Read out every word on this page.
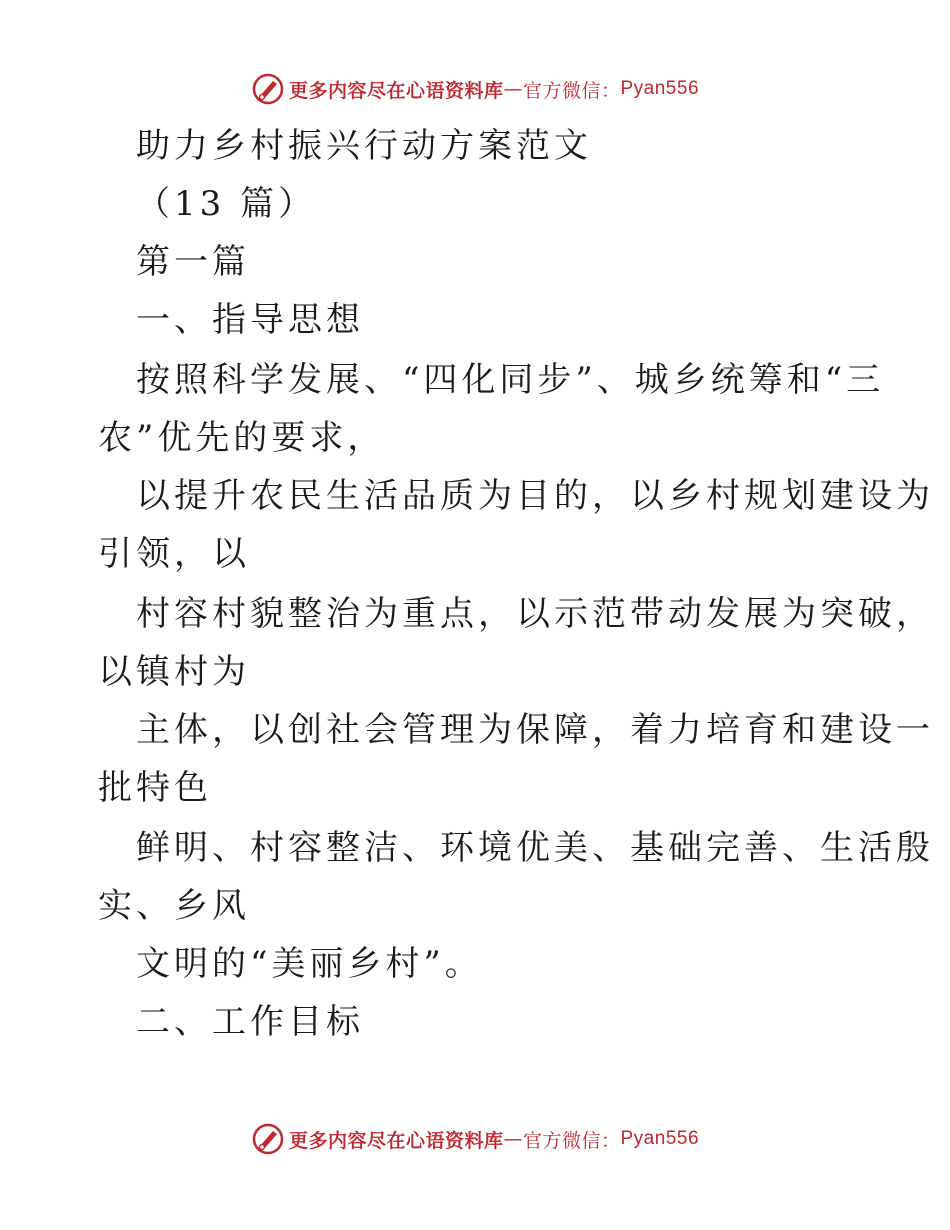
更多内容尽在心语资料库 — 官方微信： Pyan556
助力乡村振兴行动方案范文
（13 篇）
第一篇
一、指导思想
按照科学发展、“四化同步”、城乡统筹和“三
农”优先的要求，
以提升农民生活品质为目的，以乡村规划建设为
引领，以
村容村貌整治为重点，以示范带动发展为突破，
以镇村为
主体，以创社会管理为保障，着力培育和建设一
批特色
鲜明、村容整洁、环境优美、基础完善、生活殷
实、乡风
文明的“美丽乡村”。
二、工作目标
更多内容尽在心语资料库 — 官方微信： Pyan556
